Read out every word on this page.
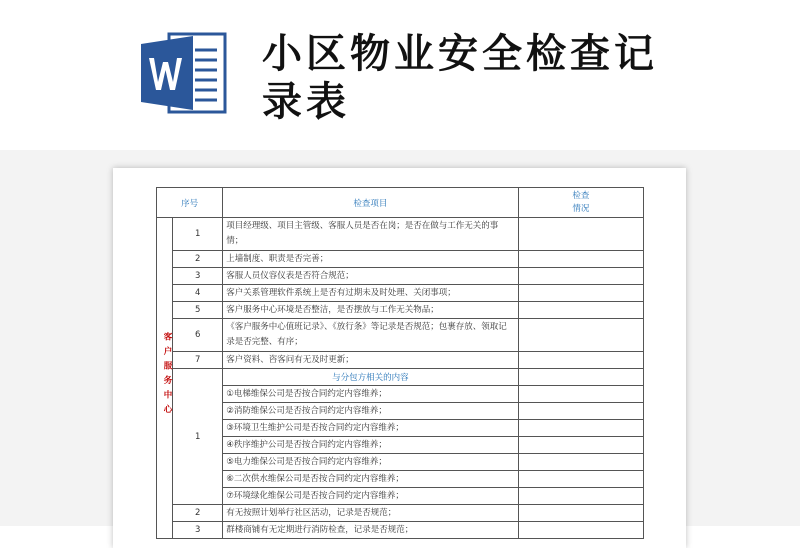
小区物业安全检查记录表
序号		检查项目	检查
情况
客户服务中心	1	项目经理级、项目主管级、客服人员是否在岗；是否在做与工作无关的事情；	
	2	上墙制度、职责是否完善；	
	3	客服人员仪容仪表是否符合规范；	
	4	客户关系管理软件系统上是否有过期未及时处理、关闭事项；	
	5	客户服务中心环境是否整洁，是否摆放与工作无关物品；	
	6	《客户服务中心值班记录》、《放行条》等记录是否规范；包裹存放、领取记录是否完整、有序；	
	7	客户资料、咨客问有无及时更新；	
	1	与分包方相关的内容	
		①电梯维保公司是否按合同约定内容维养；	
		②消防维保公司是否按合同约定内容维养；	
		③环境卫生维护公司是否按合同约定内容维养；	
		④秩序维护公司是否按合同约定内容维养；	
		⑤电力维保公司是否按合同约定内容维养；	
		⑥二次供水维保公司是否按合同约定内容维养；	
		⑦环境绿化维保公司是否按合同约定内容维养；	
	2	有无按照计划举行社区活动，记录是否规范；	
	3	群楼商铺有无定期进行消防检查，记录是否规范；	
